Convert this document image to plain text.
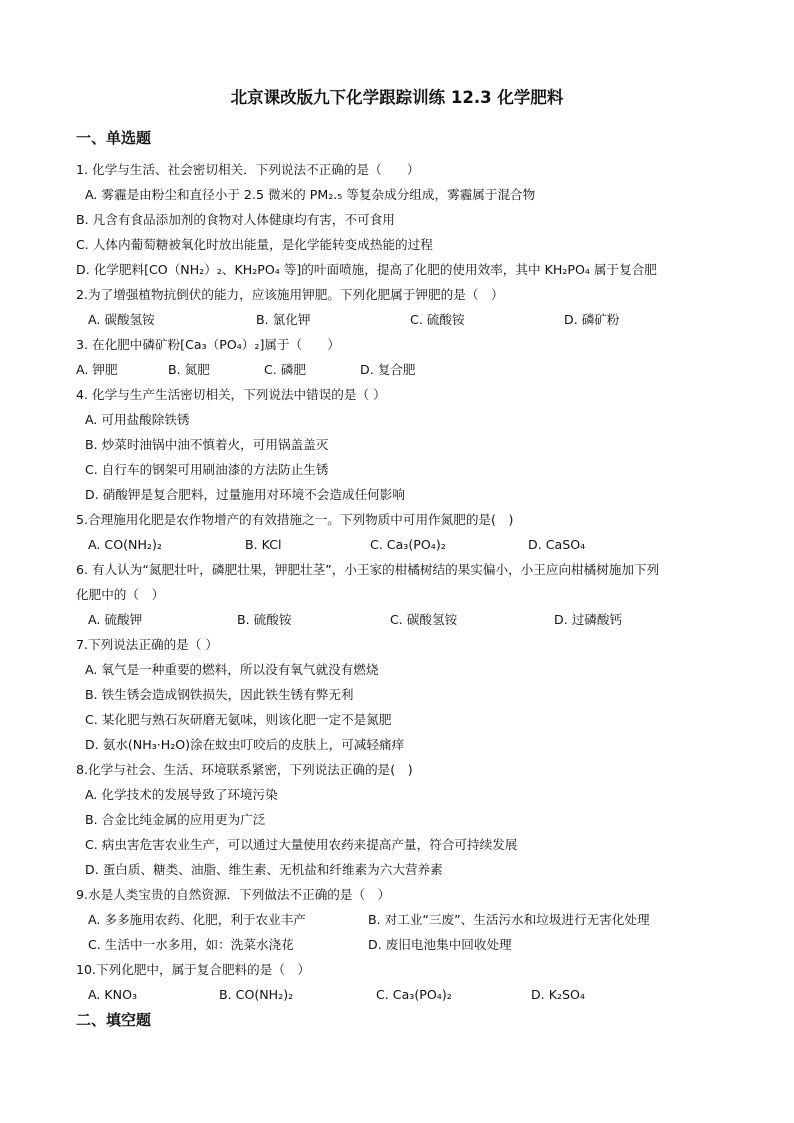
北京课改版九下化学跟踪训练 12.3 化学肥料
一、单选题
1. 化学与生活、社会密切相关．下列说法不正确的是（　　）
A. 雾霾是由粉尘和直径小于 2.5 微米的 PM₂.₅ 等复杂成分组成，雾霾属于混合物
B. 凡含有食品添加剂的食物对人体健康均有害，不可食用
C. 人体内葡萄糖被氧化时放出能量，是化学能转变成热能的过程
D. 化学肥料[CO（NH₂）₂、KH₂PO₄ 等]的叶面喷施，提高了化肥的使用效率，其中 KH₂PO₄ 属于复合肥
2.为了增强植物抗倒伏的能力，应该施用钾肥。下列化肥属于钾肥的是（　）
A. 碳酸氢铵	B. 氯化钾	C. 硫酸铵	D. 磷矿粉
3. 在化肥中磷矿粉[Ca₃（PO₄）₂]属于（　　）
A. 钾肥	B. 氮肥	C. 磷肥	D. 复合肥
4. 化学与生产生活密切相关，下列说法中错误的是（ ）
A. 可用盐酸除铁锈
B. 炒菜时油锅中油不慎着火，可用锅盖盖灭
C. 自行车的钢架可用刷油漆的方法防止生锈
D. 硝酸钾是复合肥料，过量施用对环境不会造成任何影响
5.合理施用化肥是农作物增产的有效措施之一。下列物质中可用作氮肥的是(　)
A. CO(NH₂)₂	B. KCl	C. Ca₃(PO₄)₂	D. CaSO₄
6. 有人认为“氮肥壮叶，磷肥壮果，钾肥壮茎”，小王家的柑橘树结的果实偏小，小王应向柑橘树施加下列
化肥中的（　）
A. 硫酸钾	B. 硫酸铵	C. 碳酸氢铵	D. 过磷酸钙
7.下列说法正确的是（ ）
A. 氧气是一种重要的燃料，所以没有氧气就没有燃烧
B. 铁生锈会造成钢铁损失，因此铁生锈有弊无利
C. 某化肥与熟石灰研磨无氨味，则该化肥一定不是氮肥
D. 氨水(NH₃·H₂O)涂在蚊虫叮咬后的皮肤上，可减轻痛痒
8.化学与社会、生活、环境联系紧密，下列说法正确的是(　)
A. 化学技术的发展导致了环境污染
B. 合金比纯金属的应用更为广泛
C. 病虫害危害农业生产，可以通过大量使用农药来提高产量，符合可持续发展
D. 蛋白质、糖类、油脂、维生素、无机盐和纤维素为六大营养素
9.水是人类宝贵的自然资源．下列做法不正确的是（　）
A. 多多施用农药、化肥，利于农业丰产	B. 对工业“三废”、生活污水和垃圾进行无害化处理
C. 生活中一水多用，如：洗菜水浇花	D. 废旧电池集中回收处理
10.下列化肥中，属于复合肥料的是（　）
A. KNO₃	B. CO(NH₂)₂	C. Ca₃(PO₄)₂	D. K₂SO₄
二、填空题
